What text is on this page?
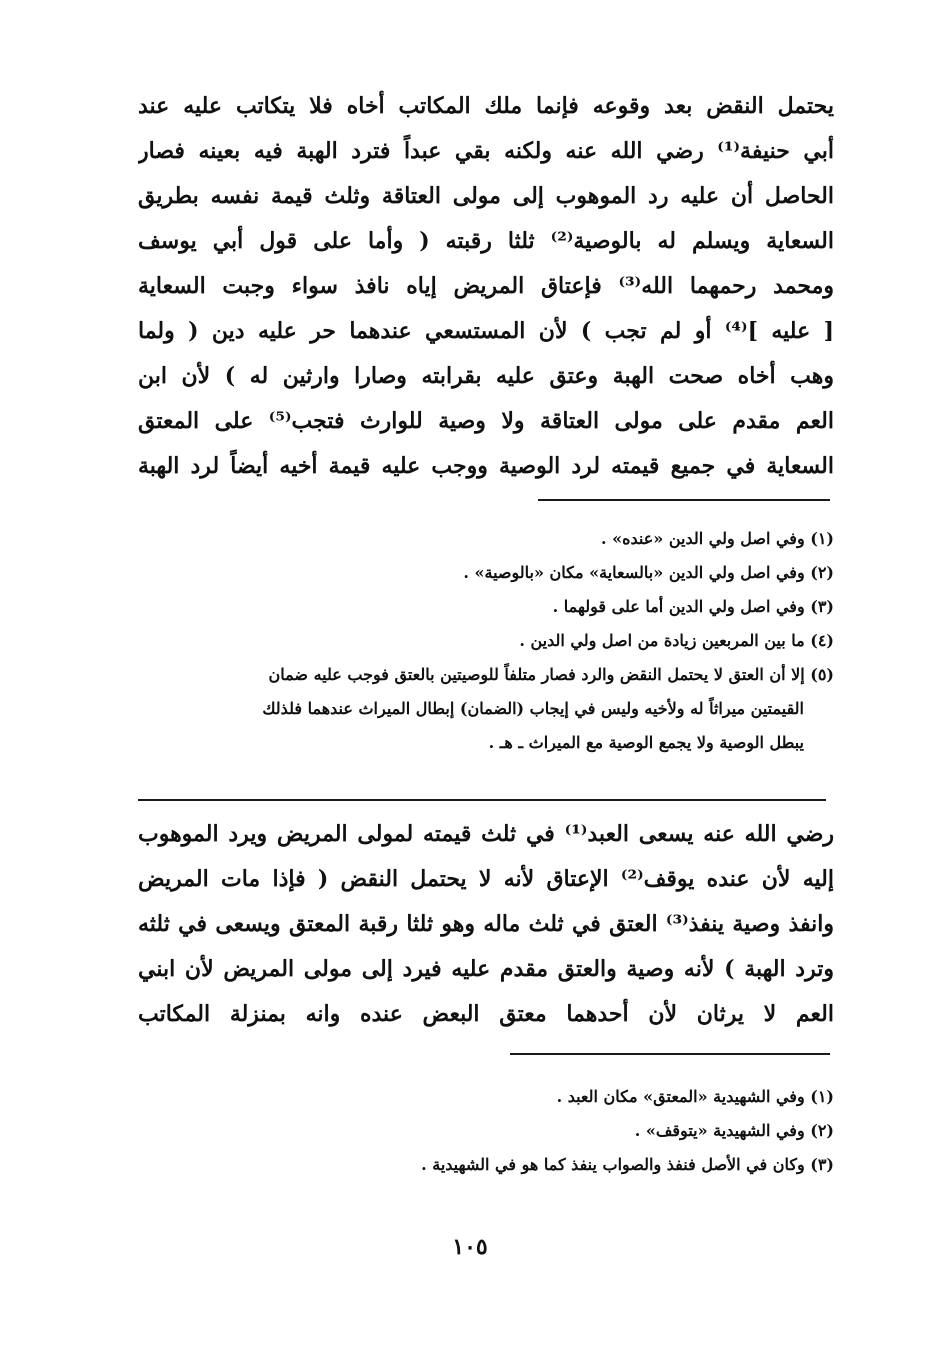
يحتمل النقض بعد وقوعه فإنما ملك المكاتب أخاه فلا يتكاتب عليه عند
أبي حنيفة⁽¹⁾ رضي الله عنه ولكنه بقي عبداً فترد الهبة فيه بعينه فصار
الحاصل أن عليه رد الموهوب إلى مولى العتاقة وثلث قيمة نفسه بطريق
السعاية ويسلم له بالوصية⁽²⁾ ثلثا رقبته ( وأما على قول أبي يوسف
ومحمد رحمهما الله⁽³⁾ فإعتاق المريض إياه نافذ سواء وجبت السعاية
[ عليه ]⁽⁴⁾ أو لم تجب ) لأن المستسعي عندهما حر عليه دين ( ولما
وهب أخاه صحت الهبة وعتق عليه بقرابته وصارا وارثين له ) لأن ابن
العم مقدم على مولى العتاقة ولا وصية للوارث فتجب⁽⁵⁾ على المعتق
السعاية في جميع قيمته لرد الوصية ووجب عليه قيمة أخيه أيضاً لرد الهبة
(١) وفي اصل ولي الدين «عنده» .
(٢) وفي اصل ولي الدين «بالسعاية» مكان «بالوصية» .
(٣) وفي اصل ولي الدين أما على قولهما .
(٤) ما بين المربعين زيادة من اصل ولي الدين .
(٥) إلا أن العتق لا يحتمل النقض والرد فصار متلفاً للوصيتين بالعتق فوجب عليه ضمان
القيمتين ميراثاً له ولأخيه وليس في إيجاب (الضمان) إبطال الميراث عندهما فلذلك
يبطل الوصية ولا يجمع الوصية مع الميراث ـ هـ .
رضي الله عنه يسعى العبد⁽¹⁾ في ثلث قيمته لمولى المريض ويرد الموهوب
إليه لأن عنده يوقف⁽²⁾ الإعتاق لأنه لا يحتمل النقض ( فإذا مات المريض
وانفذ وصية ينفذ⁽³⁾ العتق في ثلث ماله وهو ثلثا رقبة المعتق ويسعى في ثلثه
وترد الهبة ) لأنه وصية والعتق مقدم عليه فيرد إلى مولى المريض لأن ابني
العم لا يرثان لأن أحدهما معتق البعض عنده وانه بمنزلة المكاتب
(١) وفي الشهيدية «المعتق» مكان العبد .
(٢) وفي الشهيدية «يتوقف» .
(٣) وكان في الأصل فنفذ والصواب ينفذ كما هو في الشهيدية .
١٠٥
